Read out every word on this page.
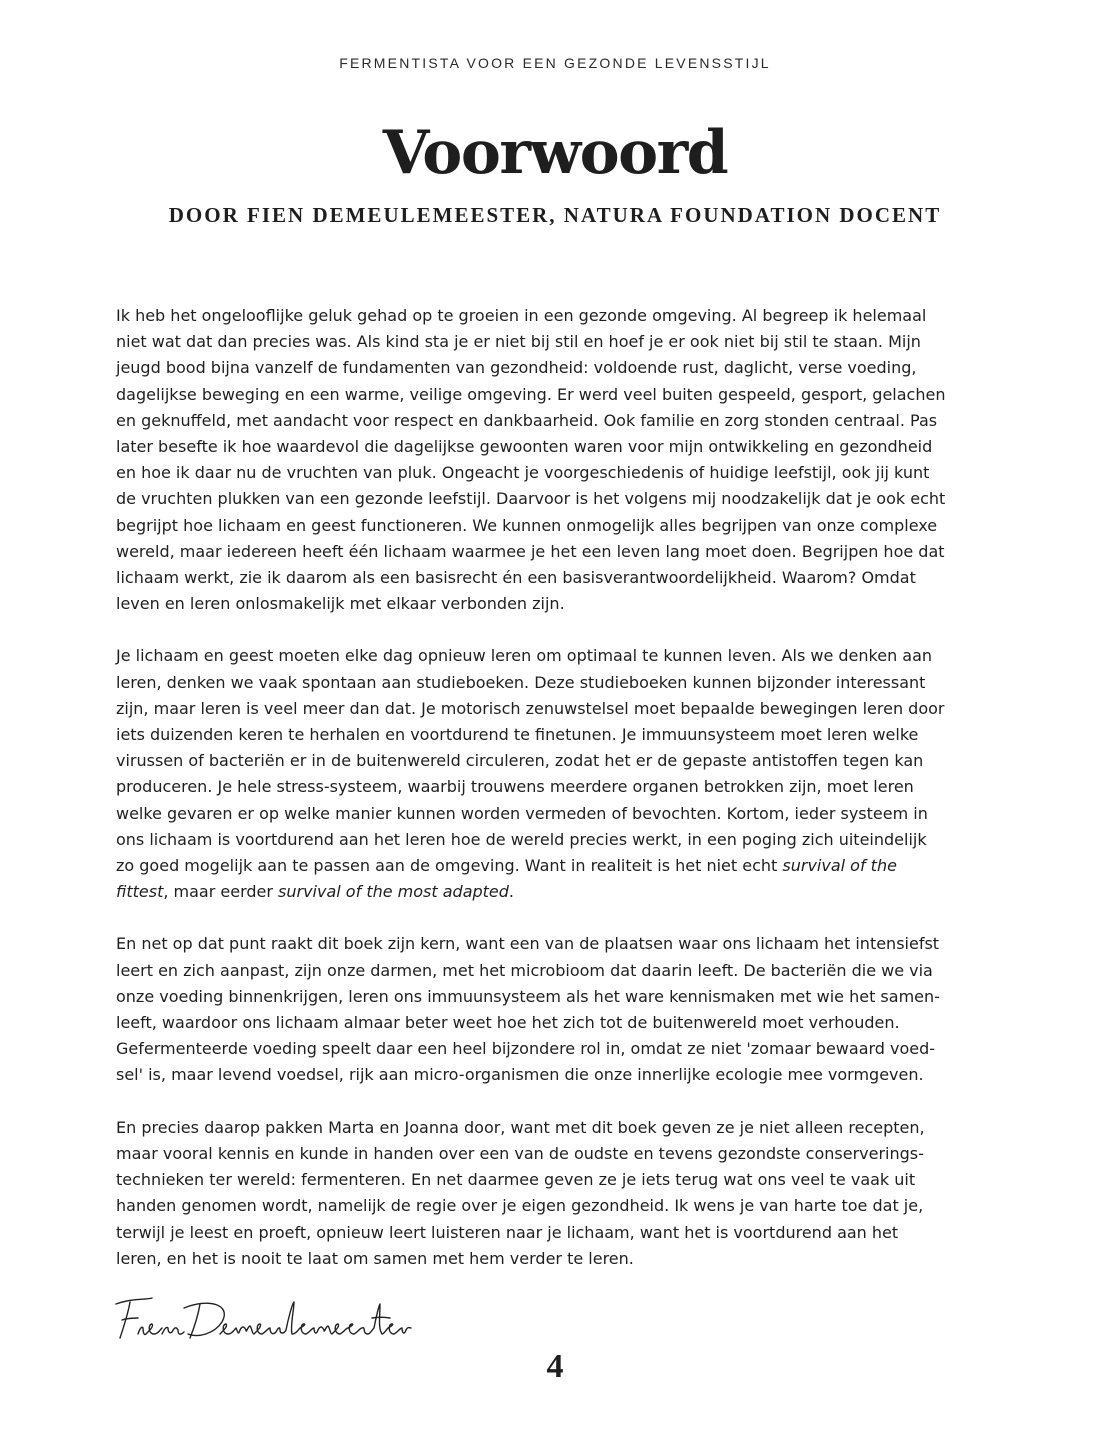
FERMENTISTA VOOR EEN GEZONDE LEVENSSTIJL
Voorwoord
DOOR FIEN DEMEULEMEESTER, NATURA FOUNDATION DOCENT

Ik heb het ongelooflijke geluk gehad op te groeien in een gezonde omgeving. Al begreep ik helemaal niet wat dat dan precies was. Als kind sta je er niet bij stil en hoef je er ook niet bij stil te staan. Mijn jeugd bood bijna vanzelf de fundamenten van gezondheid: voldoende rust, daglicht, verse voeding, dagelijkse beweging en een warme, veilige omgeving. Er werd veel buiten gespeeld, gesport, gelachen en geknuffeld, met aandacht voor respect en dankbaarheid. Ook familie en zorg stonden centraal. Pas later besefte ik hoe waardevol die dagelijkse gewoonten waren voor mijn ontwikkeling en gezondheid en hoe ik daar nu de vruchten van pluk. Ongeacht je voorgeschiedenis of huidige leefstijl, ook jij kunt de vruchten plukken van een gezonde leefstijl. Daarvoor is het volgens mij noodzakelijk dat je ook echt begrijpt hoe lichaam en geest functioneren. We kunnen onmogelijk alles begrijpen van onze complexe wereld, maar iedereen heeft één lichaam waarmee je het een leven lang moet doen. Begrijpen hoe dat lichaam werkt, zie ik daarom als een basisrecht én een basisverantwoordelijkheid. Waarom? Omdat leven en leren onlosmakelijk met elkaar verbonden zijn.

Je lichaam en geest moeten elke dag opnieuw leren om optimaal te kunnen leven. Als we denken aan leren, denken we vaak spontaan aan studieboeken. Deze studieboeken kunnen bijzonder interessant zijn, maar leren is veel meer dan dat. Je motorisch zenuwstelsel moet bepaalde bewegingen leren door iets duizenden keren te herhalen en voortdurend te finetunen. Je immuunsysteem moet leren welke virussen of bacteriën er in de buitenwereld circuleren, zodat het er de gepaste antistoffen tegen kan produceren. Je hele stress-systeem, waarbij trouwens meerdere organen betrokken zijn, moet leren welke gevaren er op welke manier kunnen worden vermeden of bevochten. Kortom, ieder systeem in ons lichaam is voortdurend aan het leren hoe de wereld precies werkt, in een poging zich uiteindelijk zo goed mogelijk aan te passen aan de omgeving. Want in realiteit is het niet echt survival of the fittest, maar eerder survival of the most adapted.

En net op dat punt raakt dit boek zijn kern, want een van de plaatsen waar ons lichaam het intensiefst leert en zich aanpast, zijn onze darmen, met het microbioom dat daarin leeft. De bacteriën die we via onze voeding binnenkrijgen, leren ons immuunsysteem als het ware kennismaken met wie het samen-leeft, waardoor ons lichaam almaar beter weet hoe het zich tot de buitenwereld moet verhouden. Gefermenteerde voeding speelt daar een heel bijzondere rol in, omdat ze niet 'zomaar bewaard voed-sel' is, maar levend voedsel, rijk aan micro-organismen die onze innerlijke ecologie mee vormgeven.

En precies daarop pakken Marta en Joanna door, want met dit boek geven ze je niet alleen recepten, maar vooral kennis en kunde in handen over een van de oudste en tevens gezondste conserverings-technieken ter wereld: fermenteren. En net daarmee geven ze je iets terug wat ons veel te vaak uit handen genomen wordt, namelijk de regie over je eigen gezondheid. Ik wens je van harte toe dat je, terwijl je leest en proeft, opnieuw leert luisteren naar je lichaam, want het is voortdurend aan het leren, en het is nooit te laat om samen met hem verder te leren.

4
